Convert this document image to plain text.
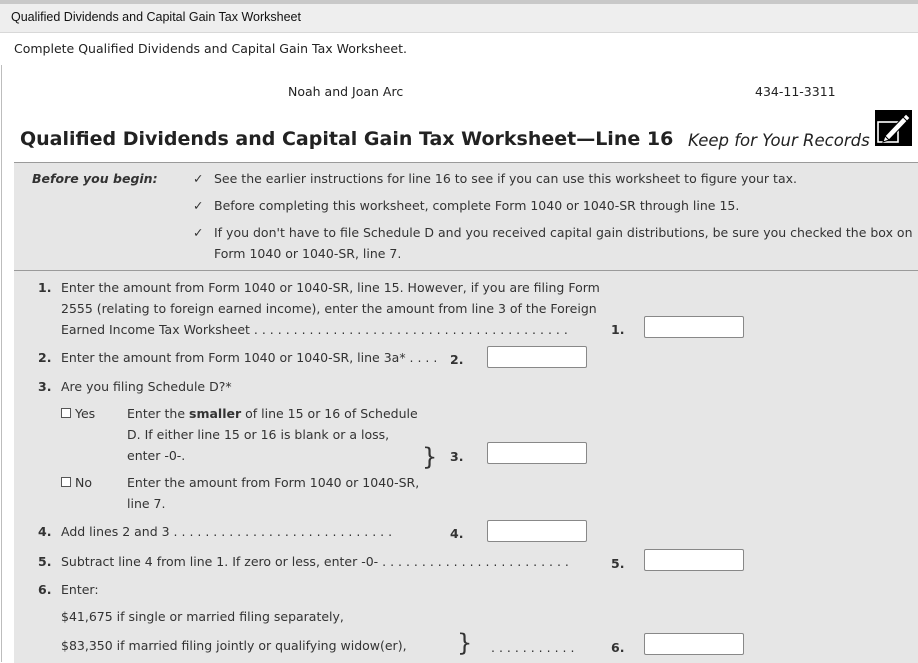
Qualified Dividends and Capital Gain Tax Worksheet
Complete Qualified Dividends and Capital Gain Tax Worksheet.
Noah and Joan Arc	434-11-3311
Qualified Dividends and Capital Gain Tax Worksheet—Line 16 Keep for Your Records
Before you begin:	✓ See the earlier instructions for line 16 to see if you can use this worksheet to figure your tax.
✓ Before completing this worksheet, complete Form 1040 or 1040-SR through line 15.
✓ If you don't have to file Schedule D and you received capital gain distributions, be sure you checked the box on
Form 1040 or 1040-SR, line 7.
1. Enter the amount from Form 1040 or 1040-SR, line 15. However, if you are filing Form
2555 (relating to foreign earned income), enter the amount from line 3 of the Foreign
Earned Income Tax Worksheet . . . . . . . . . . . . . . . . . . . . . . . . . . . . . . . . . . . . . . . .	1.
2. Enter the amount from Form 1040 or 1040-SR, line 3a* . . . . 2.
3. Are you filing Schedule D?*
Yes	Enter the smaller of line 15 or 16 of Schedule
D. If either line 15 or 16 is blank or a loss,
enter -0-.
No	Enter the amount from Form 1040 or 1040-SR,
line 7.
} 3.
4. Add lines 2 and 3 . . . . . . . . . . . . . . . . . . . . . . . . . . . .	4.
5. Subtract line 4 from line 1. If zero or less, enter -0- . . . . . . . . . . . . . . . . . . . . . . . .	5.
6. Enter:
$41,675 if single or married filing separately,
$83,350 if married filing jointly or qualifying widow(er), } . . . . . . . . . . .	6.
